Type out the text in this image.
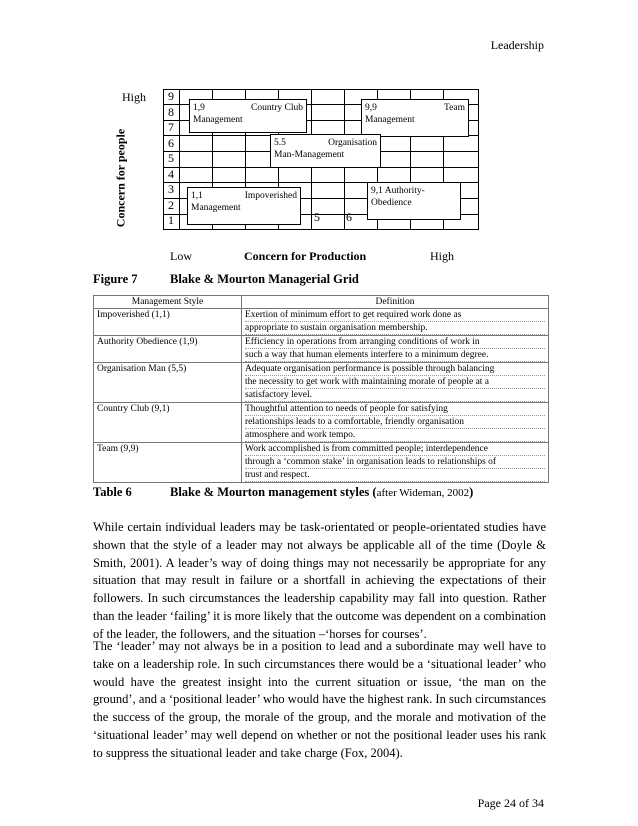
Leadership
High
Concern for people
9
8
7
6
5
4
3
2
1	5 6
1,9	Country Club
Management
9,9	Team
Management
5.5	Organisation
Man-Management
1,1	Impoverished
Management
9,1 Authority-
Obedience
Low	Concern for Production	High
Figure 7	Blake & Mourton Managerial Grid
Management Style	Definition
Impoverished (1,1)	Exertion of minimum effort to get required work done as
appropriate to sustain organisation membership.

Authority Obedience (1,9)	Efficiency in operations from arranging conditions of work in
such a way that human elements interfere to a minimum degree.

Organisation Man (5,5)	Adequate organisation performance is possible through balancing
the necessity to get work with maintaining morale of people at a
satisfactory level.

Country Club (9,1)	Thoughtful attention to needs of people for satisfying
relationships leads to a comfortable, friendly organisation
atmosphere and work tempo.

Team (9,9)	Work accomplished is from committed people; interdependence
through a ‘common stake’ in organisation leads to relationships of
trust and respect.
Table 6	Blake & Mourton management styles (after Wideman, 2002)

While certain individual leaders may be task-orientated or people-orientated studies have shown that the style of a leader may not always be applicable all of the time (Doyle & Smith, 2001). A leader’s way of doing things may not necessarily be appropriate for any situation that may result in failure or a shortfall in achieving the expectations of their followers. In such circumstances the leadership capability may fall into question. Rather than the leader ‘failing’ it is more likely that the outcome was dependent on a combination of the leader, the followers, and the situation –‘horses for courses’.

The ‘leader’ may not always be in a position to lead and a subordinate may well have to take on a leadership role. In such circumstances there would be a ‘situational leader’ who would have the greatest insight into the current situation or issue, ‘the man on the ground’, and a ‘positional leader’ who would have the highest rank. In such circumstances the success of the group, the morale of the group, and the morale and motivation of the ‘situational leader’ may well depend on whether or not the positional leader uses his rank to suppress the situational leader and take charge (Fox, 2004).

Page 24 of 34
